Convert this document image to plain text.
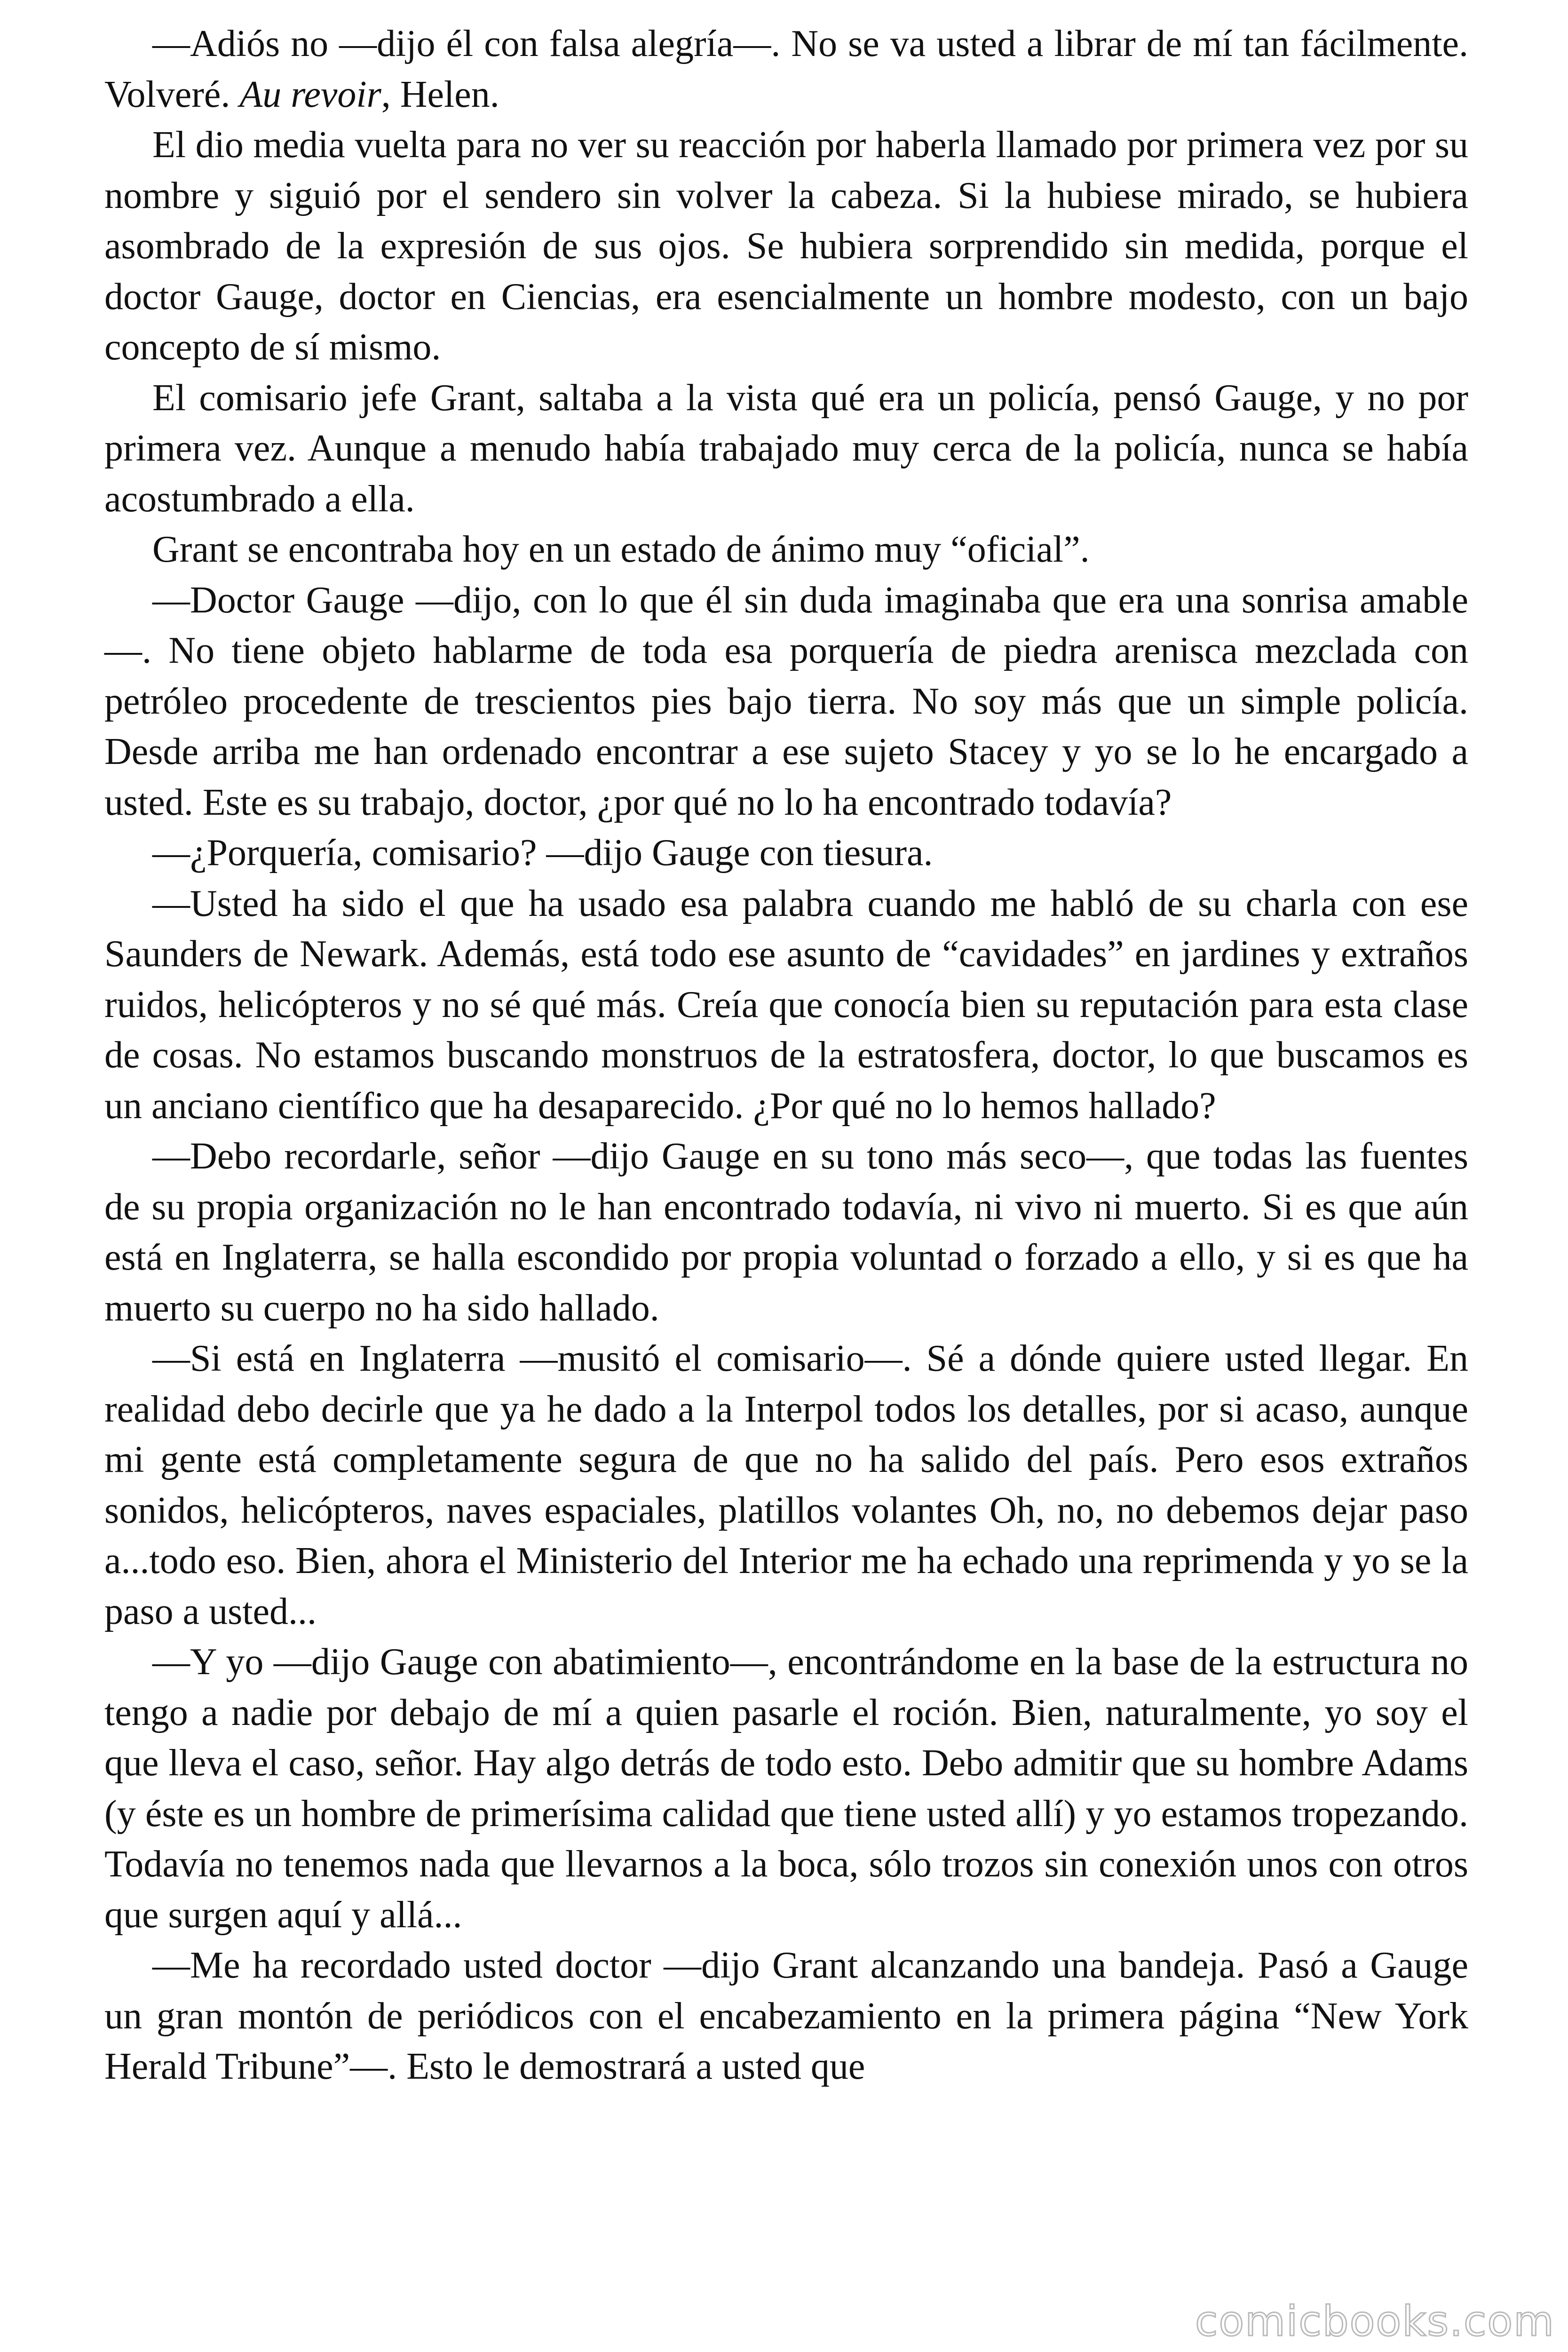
—Adiós no —dijo él con falsa alegría—. No se va usted a librar de mí tan fácilmente. Volveré. Au revoir, Helen.

El dio media vuelta para no ver su reacción por haberla llamado por primera vez por su nombre y siguió por el sendero sin volver la cabeza. Si la hubiese mirado, se hubiera asombrado de la expresión de sus ojos. Se hubiera sorprendido sin medida, porque el doctor Gauge, doctor en Ciencias, era esencialmente un hombre modesto, con un bajo concepto de sí mismo.

El comisario jefe Grant, saltaba a la vista qué era un policía, pensó Gauge, y no por primera vez. Aunque a menudo había trabajado muy cerca de la policía, nunca se había acostumbrado a ella.

Grant se encontraba hoy en un estado de ánimo muy “oficial”.

—Doctor Gauge —dijo, con lo que él sin duda imaginaba que era una sonrisa amable—. No tiene objeto hablarme de toda esa porquería de piedra arenisca mezclada con petróleo procedente de trescientos pies bajo tierra. No soy más que un simple policía. Desde arriba me han ordenado encontrar a ese sujeto Stacey y yo se lo he encargado a usted. Este es su trabajo, doctor, ¿por qué no lo ha encontrado todavía?

—¿Porquería, comisario? —dijo Gauge con tiesura.

—Usted ha sido el que ha usado esa palabra cuando me habló de su charla con ese Saunders de Newark. Además, está todo ese asunto de “cavidades” en jardines y extraños ruidos, helicópteros y no sé qué más. Creía que conocía bien su reputación para esta clase de cosas. No estamos buscando monstruos de la estratosfera, doctor, lo que buscamos es un anciano científico que ha desaparecido. ¿Por qué no lo hemos hallado?

—Debo recordarle, señor —dijo Gauge en su tono más seco—, que todas las fuentes de su propia organización no le han encontrado todavía, ni vivo ni muerto. Si es que aún está en Inglaterra, se halla escondido por propia voluntad o forzado a ello, y si es que ha muerto su cuerpo no ha sido hallado.

—Si está en Inglaterra —musitó el comisario—. Sé a dónde quiere usted llegar. En realidad debo decirle que ya he dado a la Interpol todos los detalles, por si acaso, aunque mi gente está completamente segura de que no ha salido del país. Pero esos extraños sonidos, helicópteros, naves espaciales, platillos volantes Oh, no, no debemos dejar paso a...todo eso. Bien, ahora el Ministerio del Interior me ha echado una reprimenda y yo se la paso a usted...

—Y yo —dijo Gauge con abatimiento—, encontrándome en la base de la estructura no tengo a nadie por debajo de mí a quien pasarle el roción. Bien, naturalmente, yo soy el que lleva el caso, señor. Hay algo detrás de todo esto. Debo admitir que su hombre Adams (y éste es un hombre de primerísima calidad que tiene usted allí) y yo estamos tropezando. Todavía no tenemos nada que llevarnos a la boca, sólo trozos sin conexión unos con otros que surgen aquí y allá...

—Me ha recordado usted doctor —dijo Grant alcanzando una bandeja. Pasó a Gauge un gran montón de periódicos con el encabezamiento en la primera página “New York Herald Tribune”—. Esto le demostrará a usted que

comicbooks.com
